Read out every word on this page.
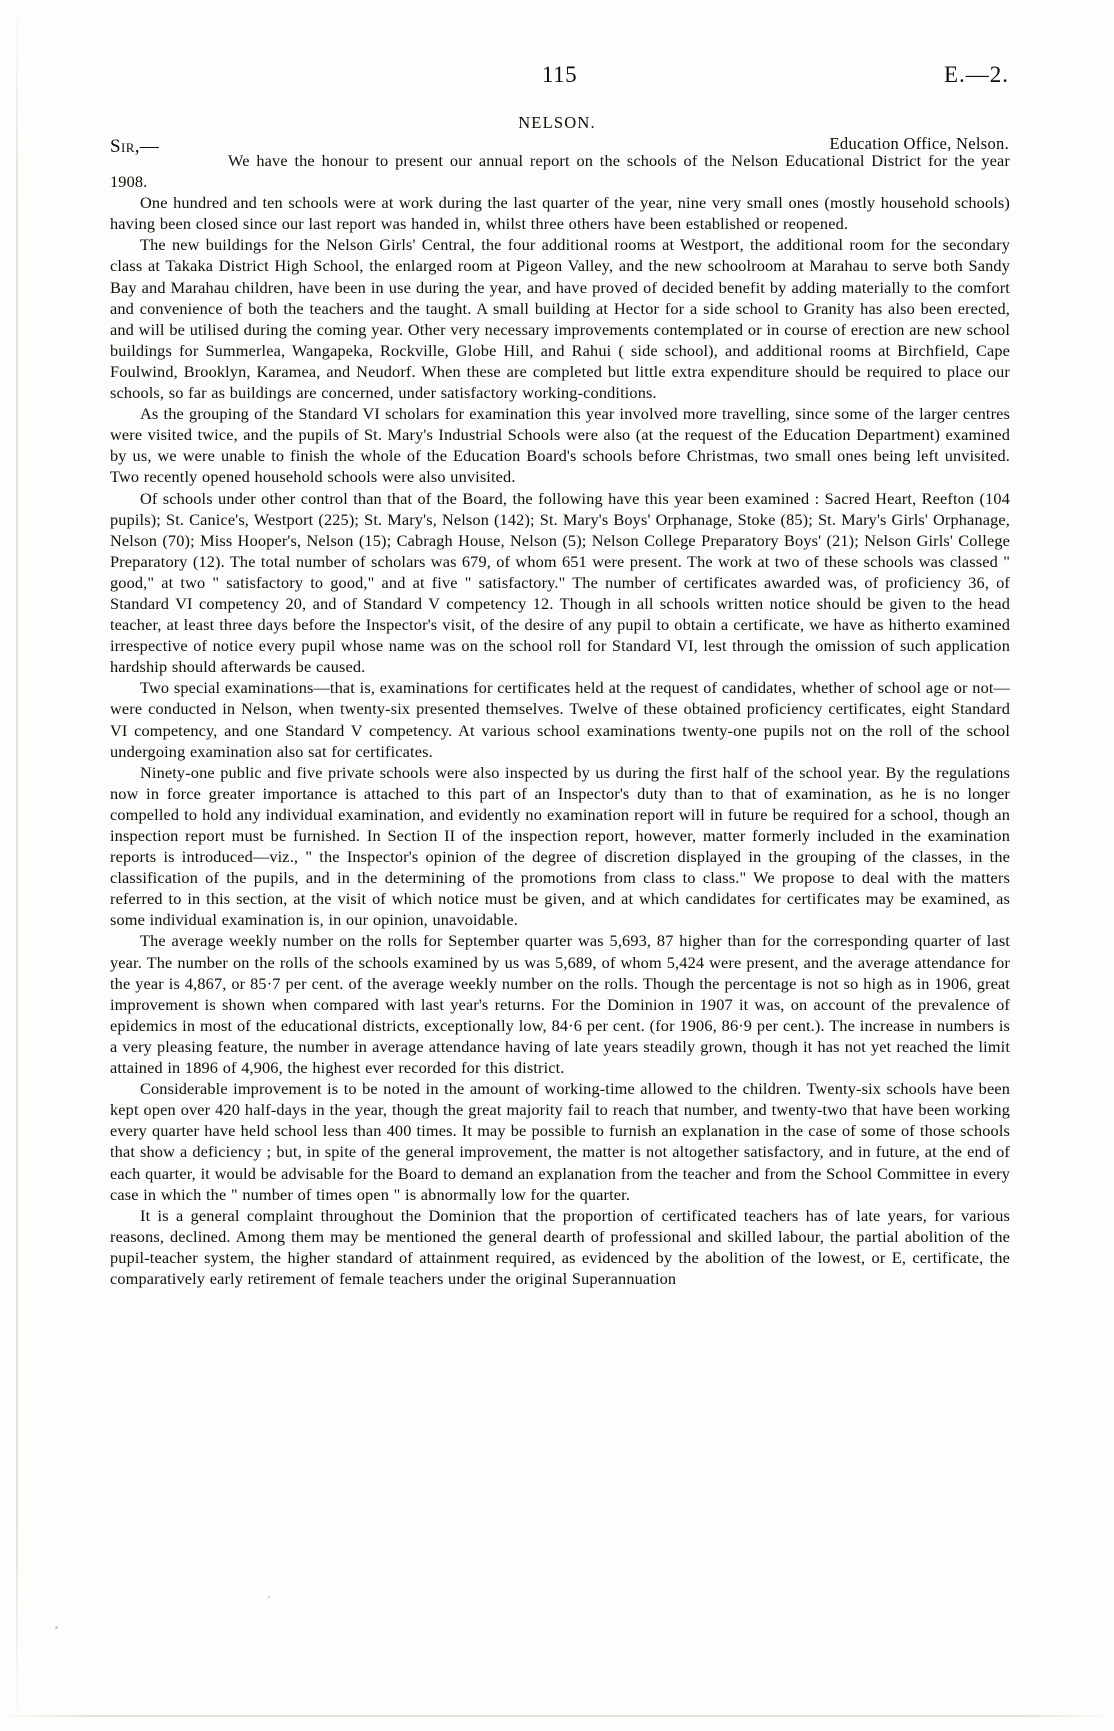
115	E.—2.
NELSON.
Sir,—	Education Office, Nelson.

We have the honour to present our annual report on the schools of the Nelson Educational District for the year 1908.

One hundred and ten schools were at work during the last quarter of the year, nine very small ones (mostly household schools) having been closed since our last report was handed in, whilst three others have been established or reopened.

The new buildings for the Nelson Girls' Central, the four additional rooms at Westport, the additional room for the secondary class at Takaka District High School, the enlarged room at Pigeon Valley, and the new schoolroom at Marahau to serve both Sandy Bay and Marahau children, have been in use during the year, and have proved of decided benefit by adding materially to the comfort and convenience of both the teachers and the taught. A small building at Hector for a side school to Granity has also been erected, and will be utilised during the coming year. Other very necessary improvements contemplated or in course of erection are new school buildings for Summerlea, Wangapeka, Rockville, Globe Hill, and Rahui ( side school), and additional rooms at Birchfield, Cape Foulwind, Brooklyn, Karamea, and Neudorf. When these are completed but little extra expenditure should be required to place our schools, so far as buildings are concerned, under satisfactory working-conditions.

As the grouping of the Standard VI scholars for examination this year involved more travelling, since some of the larger centres were visited twice, and the pupils of St. Mary's Industrial Schools were also (at the request of the Education Department) examined by us, we were unable to finish the whole of the Education Board's schools before Christmas, two small ones being left unvisited. Two recently opened household schools were also unvisited.

Of schools under other control than that of the Board, the following have this year been examined : Sacred Heart, Reefton (104 pupils); St. Canice's, Westport (225); St. Mary's, Nelson (142); St. Mary's Boys' Orphanage, Stoke (85); St. Mary's Girls' Orphanage, Nelson (70); Miss Hooper's, Nelson (15); Cabragh House, Nelson (5); Nelson College Preparatory Boys' (21); Nelson Girls' College Preparatory (12). The total number of scholars was 679, of whom 651 were present. The work at two of these schools was classed " good," at two " satisfactory to good," and at five " satisfactory." The number of certificates awarded was, of proficiency 36, of Standard VI competency 20, and of Standard V competency 12. Though in all schools written notice should be given to the head teacher, at least three days before the Inspector's visit, of the desire of any pupil to obtain a certificate, we have as hitherto examined irrespective of notice every pupil whose name was on the school roll for Standard VI, lest through the omission of such application hardship should afterwards be caused.

Two special examinations—that is, examinations for certificates held at the request of candidates, whether of school age or not—were conducted in Nelson, when twenty-six presented themselves. Twelve of these obtained proficiency certificates, eight Standard VI competency, and one Standard V competency. At various school examinations twenty-one pupils not on the roll of the school undergoing examination also sat for certificates.

Ninety-one public and five private schools were also inspected by us during the first half of the school year. By the regulations now in force greater importance is attached to this part of an Inspector's duty than to that of examination, as he is no longer compelled to hold any individual examination, and evidently no examination report will in future be required for a school, though an inspection report must be furnished. In Section II of the inspection report, however, matter formerly included in the examination reports is introduced—viz., " the Inspector's opinion of the degree of discretion displayed in the grouping of the classes, in the classification of the pupils, and in the determining of the promotions from class to class." We propose to deal with the matters referred to in this section, at the visit of which notice must be given, and at which candidates for certificates may be examined, as some individual examination is, in our opinion, unavoidable.

The average weekly number on the rolls for September quarter was 5,693, 87 higher than for the corresponding quarter of last year. The number on the rolls of the schools examined by us was 5,689, of whom 5,424 were present, and the average attendance for the year is 4,867, or 85·7 per cent. of the average weekly number on the rolls. Though the percentage is not so high as in 1906, great improvement is shown when compared with last year's returns. For the Dominion in 1907 it was, on account of the prevalence of epidemics in most of the educational districts, exceptionally low, 84·6 per cent. (for 1906, 86·9 per cent.). The increase in numbers is a very pleasing feature, the number in average attendance having of late years steadily grown, though it has not yet reached the limit attained in 1896 of 4,906, the highest ever recorded for this district.

Considerable improvement is to be noted in the amount of working-time allowed to the children. Twenty-six schools have been kept open over 420 half-days in the year, though the great majority fail to reach that number, and twenty-two that have been working every quarter have held school less than 400 times. It may be possible to furnish an explanation in the case of some of those schools that show a deficiency ; but, in spite of the general improvement, the matter is not altogether satisfactory, and in future, at the end of each quarter, it would be advisable for the Board to demand an explanation from the teacher and from the School Committee in every case in which the " number of times open " is abnormally low for the quarter.

It is a general complaint throughout the Dominion that the proportion of certificated teachers has of late years, for various reasons, declined. Among them may be mentioned the general dearth of professional and skilled labour, the partial abolition of the pupil-teacher system, the higher standard of attainment required, as evidenced by the abolition of the lowest, or E, certificate, the comparatively early retirement of female teachers under the original Superannuation
